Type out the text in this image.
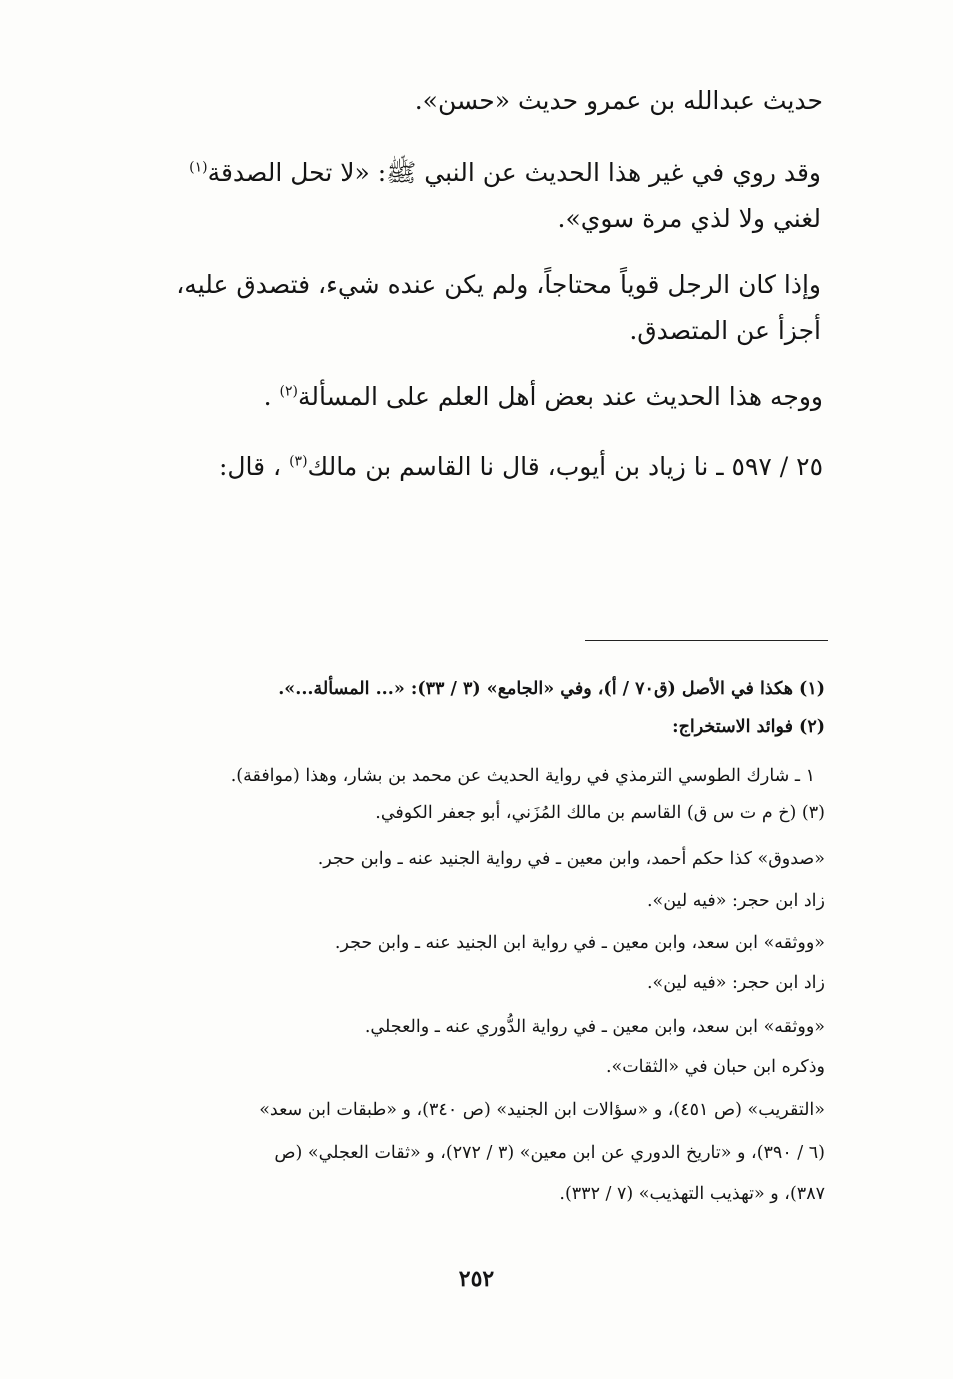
حديث عبدالله بن عمرو حديث «حسن».
وقد روي في غير هذا الحديث عن النبي ﷺ: «لا تحل الصدقة$^{(١)}$
لغني ولا لذي مرة سوي».
وإذا كان الرجل قوياً محتاجاً، ولم يكن عنده شيء، فتصدق عليه،
أجزأ عن المتصدق.
ووجه هذا الحديث عند بعض أهل العلم على المسألة$^{(٢)}$ .
٢٥ / ٥٩٧ ـ نا زياد بن أيوب، قال نا القاسم بن مالك$^{(٣)}$ ، قال:
(١) هكذا في الأصل (ق٧٠ / أ)، وفي «الجامع» (٣ / ٣٣): «... المسألة...».
(٢) فوائد الاستخراج:
١ ـ شارك الطوسي الترمذي في رواية الحديث عن محمد بن بشار، وهذا (موافقة).
(٣) (خ م ت س ق) القاسم بن مالك المُزَني، أبو جعفر الكوفي.
«صدوق» كذا حكم أحمد، وابن معين ـ في رواية الجنيد عنه ـ وابن حجر.
زاد ابن حجر: «فيه لين».
«ووثقه» ابن سعد، وابن معين ـ في رواية ابن الجنيد عنه ـ وابن حجر.
زاد ابن حجر: «فيه لين».
«ووثقه» ابن سعد، وابن معين ـ في رواية الدُّوري عنه ـ والعجلي.
وذكره ابن حبان في «الثقات».
«التقريب» (ص ٤٥١)، و «سؤالات ابن الجنيد» (ص ٣٤٠)، و «طبقات ابن سعد»
(٦ / ٣٩٠)، و «تاريخ الدوري عن ابن معين» (٣ / ٢٧٢)، و «ثقات العجلي» (ص
٣٨٧)، و «تهذيب التهذيب» (٧ / ٣٣٢).
٢٥٢
